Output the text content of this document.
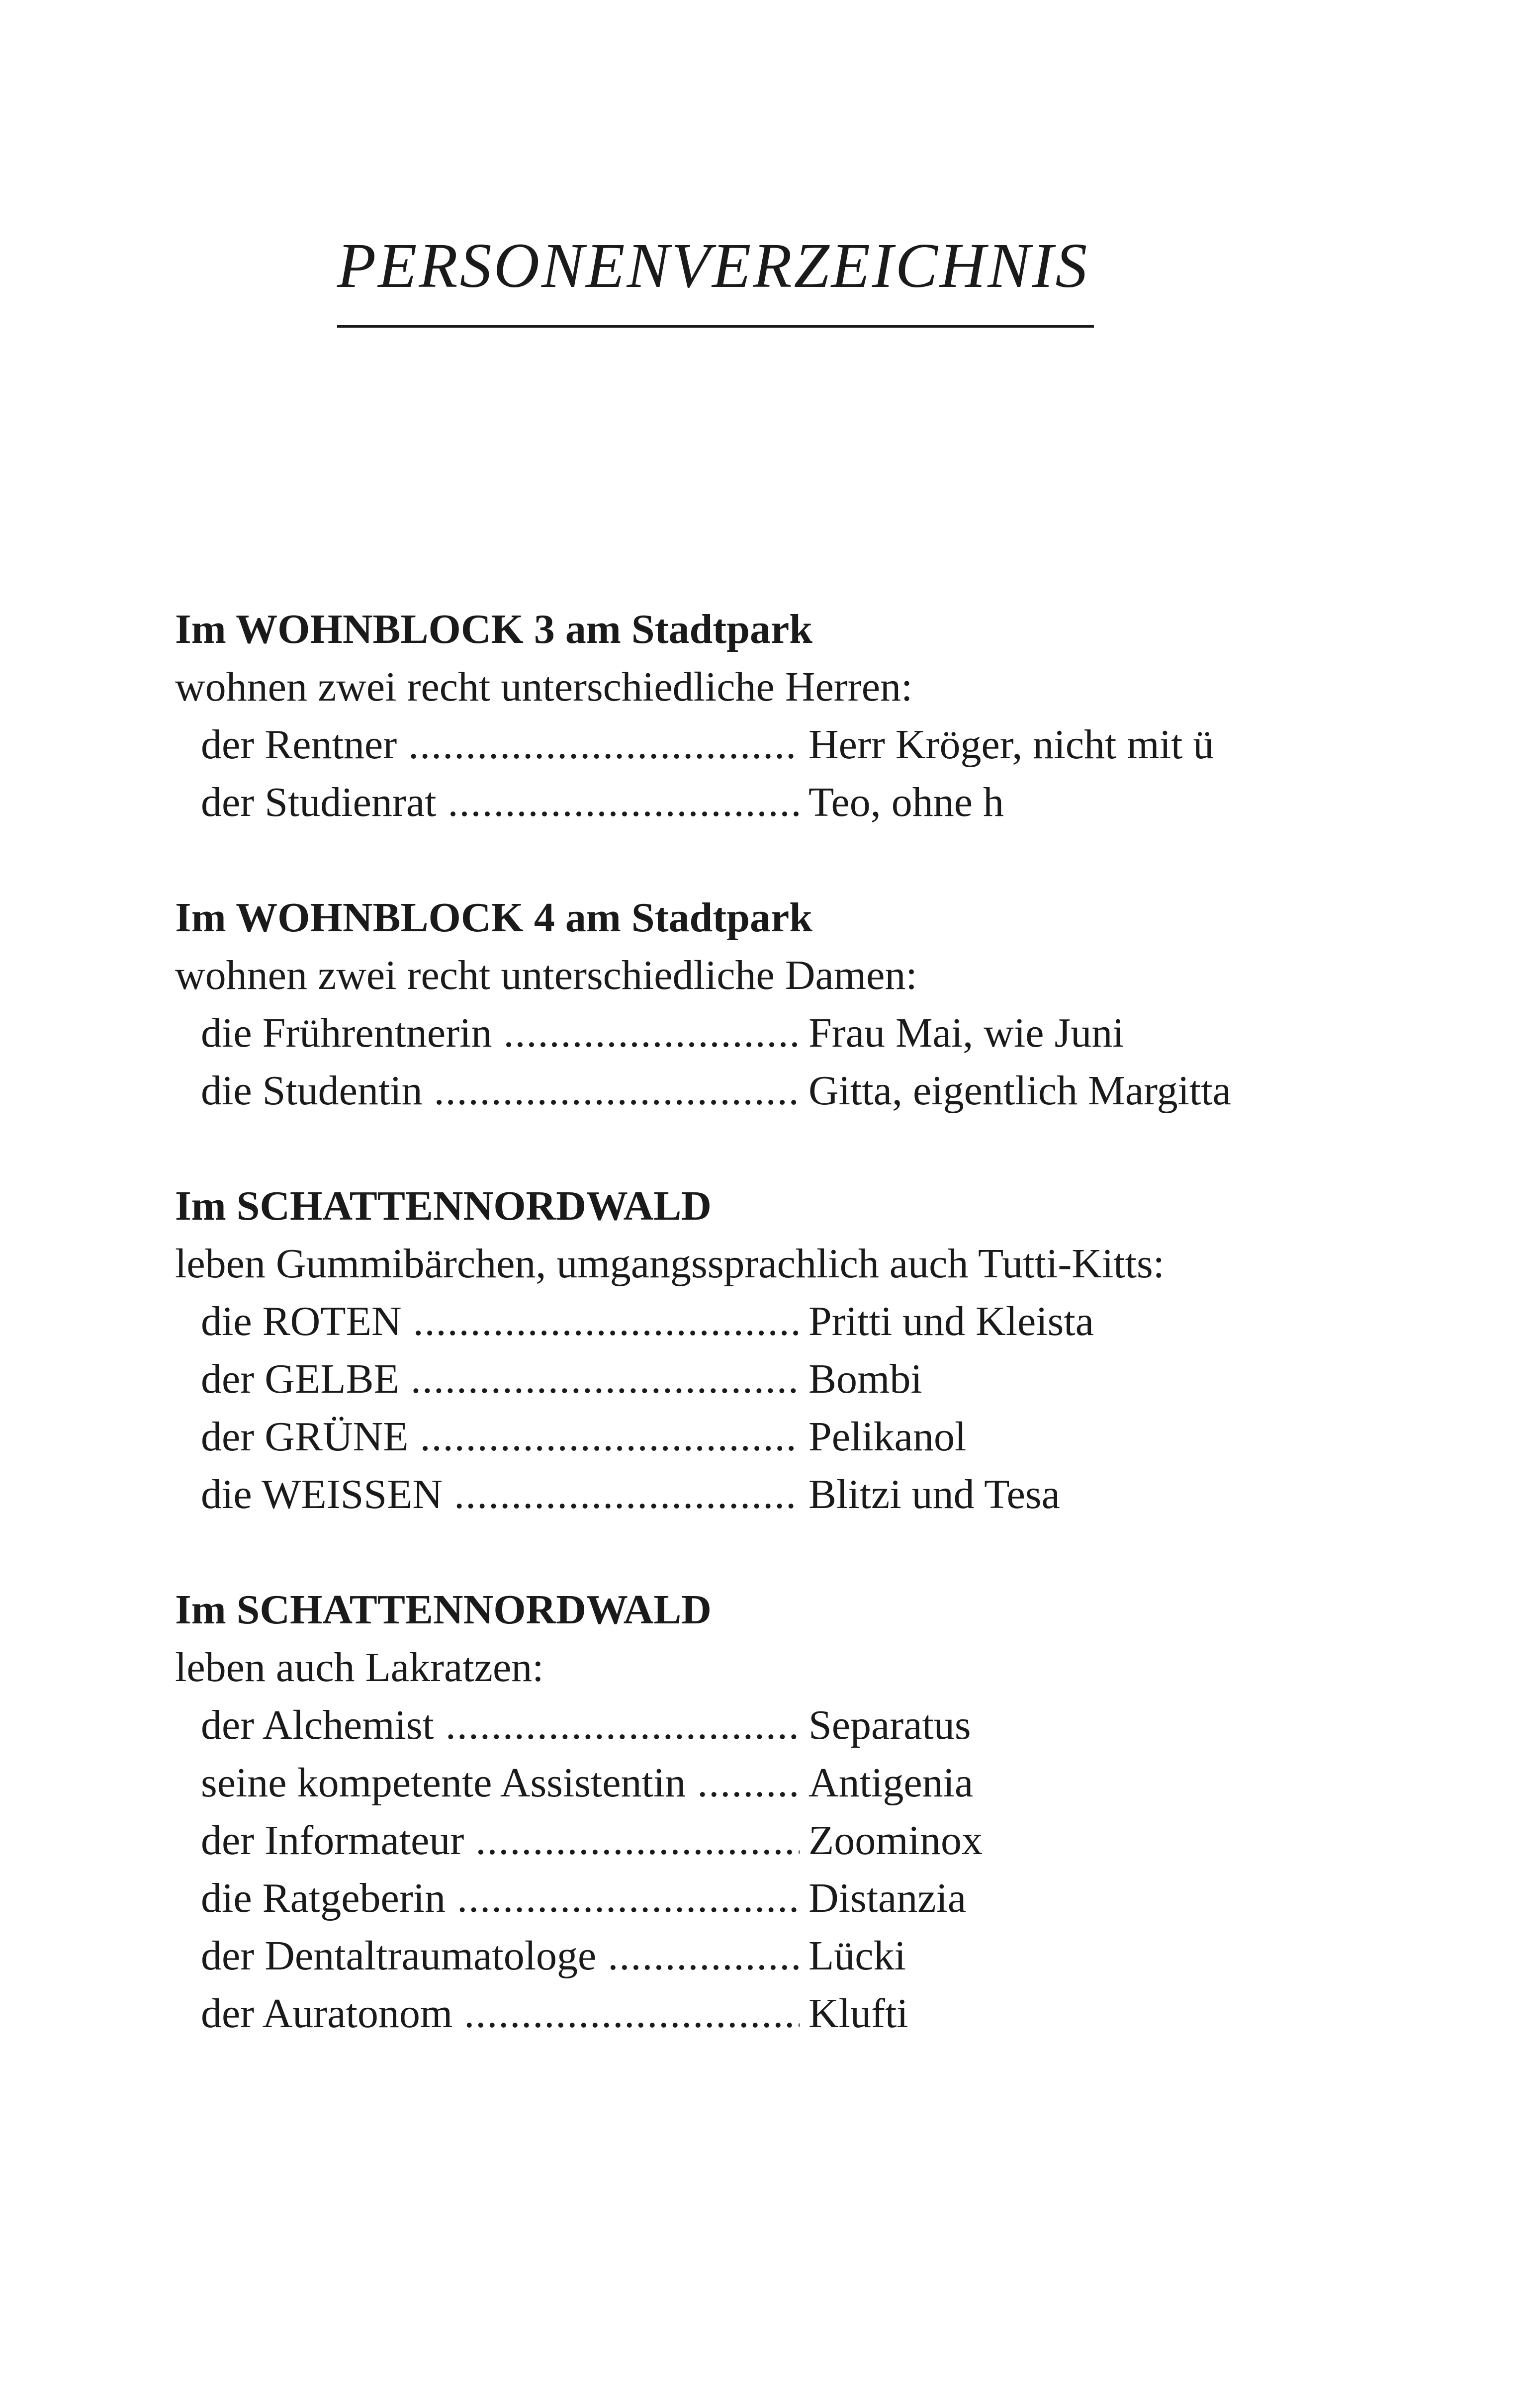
PERSONENVERZEICHNIS
Im WOHNBLOCK 3 am Stadtpark

wohnen zwei recht unterschiedliche Herren:

der Rentner .....	Herr Kröger, nicht mit ü
der Studienrat .....	Teo, ohne h
Im WOHNBLOCK 4 am Stadtpark

wohnen zwei recht unterschiedliche Damen:

die Frührentnerin .....	Frau Mai, wie Juni
die Studentin .....	Gitta, eigentlich Margitta
Im SCHATTENNORDWALD

leben Gummibärchen, umgangssprachlich auch Tutti-Kitts:

die ROTEN .....	Pritti und Kleista
der GELBE .....	Bombi
der GRÜNE .....	Pelikanol
die WEISSEN .....	Blitzi und Tesa
Im SCHATTENNORDWALD

leben auch Lakratzen:

der Alchemist .....	Separatus
seine kompetente Assistentin .....	Antigenia
der Informateur .....	Zoominox
die Ratgeberin .....	Distanzia
der Dentaltraumatologe .....	Lücki
der Auratonom .....	Klufti
